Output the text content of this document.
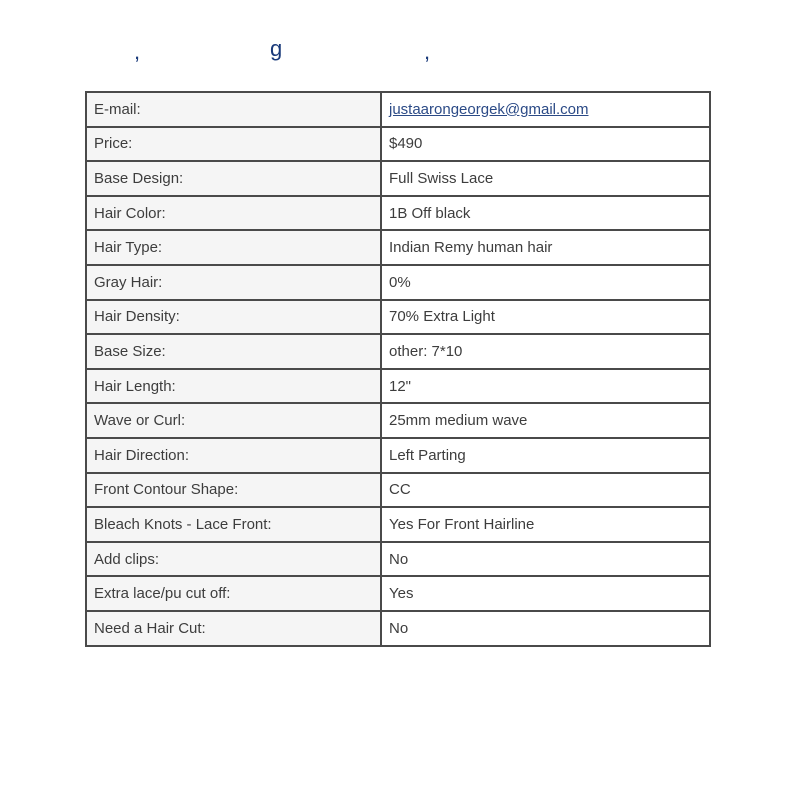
,	g	,
E-mail:	justaarongeorgek@gmail.com
Price:	$490
Base Design:	Full Swiss Lace
Hair Color:	1B Off black
Hair Type:	Indian Remy human hair
Gray Hair:	0%
Hair Density:	70% Extra Light
Base Size:	other: 7*10
Hair Length:	12"
Wave or Curl:	25mm medium wave
Hair Direction:	Left Parting
Front Contour Shape:	CC
Bleach Knots - Lace Front:	Yes For Front Hairline
Add clips:	No
Extra lace/pu cut off:	Yes
Need a Hair Cut:	No
